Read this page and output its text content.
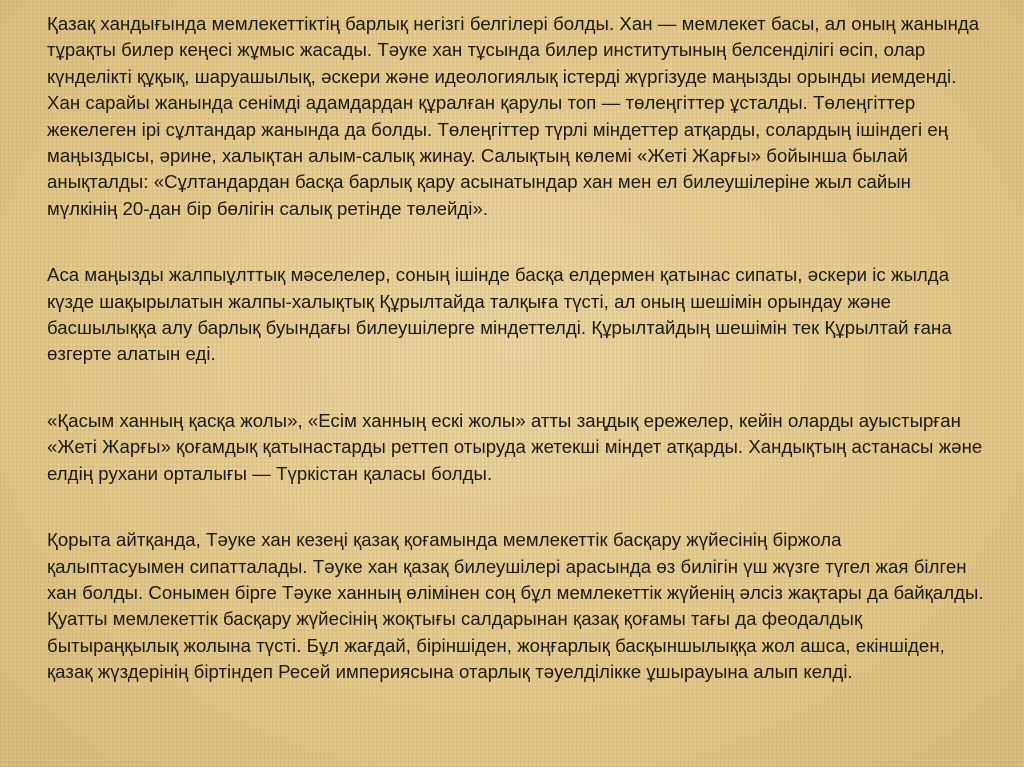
Қазақ хандығында мемлекеттіктің барлық негізгі белгілері болды. Хан — мемлекет басы, ал оның жанында тұрақты билер кеңесі жұмыс жасады. Тәуке хан тұсында билер институтының белсенділігі өсіп, олар күнделікті құқық, шаруашылық, әскери және идеологиялық істерді жүргізуде маңызды орынды иемденді. Хан сарайы жанында сенімді адамдардан құралған қарулы топ — төлеңгіттер ұсталды. Төлеңгіттер жекелеген ірі сұлтандар жанында да болды. Төлеңгіттер түрлі міндеттер атқарды, солардың ішіндегі ең маңыздысы, әрине, халықтан алым-салық жинау. Салықтың көлемі «Жеті Жарғы» бойынша былай анықталды: «Сұлтандардан басқа барлық қару асынатындар хан мен ел билеушілеріне жыл сайын мүлкінің 20-дан бір бөлігін салық ретінде төлейді».

Аса маңызды жалпыұлттық мәселелер, соның ішінде басқа елдермен қатынас сипаты, әскери іс жылда күзде шақырылатын жалпы-халықтық Құрылтайда талқыға түсті, ал оның шешімін орындау және басшылыққа алу барлық буындағы билеушілерге міндеттелді. Құрылтайдың шешімін тек Құрылтай ғана өзгерте алатын еді.

«Қасым ханның қасқа жолы», «Есім ханның ескі жолы» атты заңдық ережелер, кейін оларды ауыстырған «Жеті Жарғы» қоғамдық қатынастарды реттеп отыруда жетекші міндет атқарды. Хандықтың астанасы және елдің рухани орталығы — Түркістан қаласы болды.

Қорыта айтқанда, Тәуке хан кезеңі қазақ қоғамында мемлекеттік басқару жүйесінің біржола қалыптасуымен сипатталады. Тәуке хан қазақ билеушілері арасында өз билігін үш жүзге түгел жая білген хан болды. Сонымен бірге Тәуке ханның өлімінен соң бұл мемлекеттік жүйенің әлсіз жақтары да байқалды. Қуатты мемлекеттік басқару жүйесінің жоқтығы салдарынан қазақ қоғамы тағы да феодалдық бытыраңқылық жолына түсті. Бұл жағдай, біріншіден, жоңғарлық басқыншылыққа жол ашса, екіншіден, қазақ жүздерінің біртіндеп Ресей империясына отарлық тәуелділікке ұшырауына алып келді.
